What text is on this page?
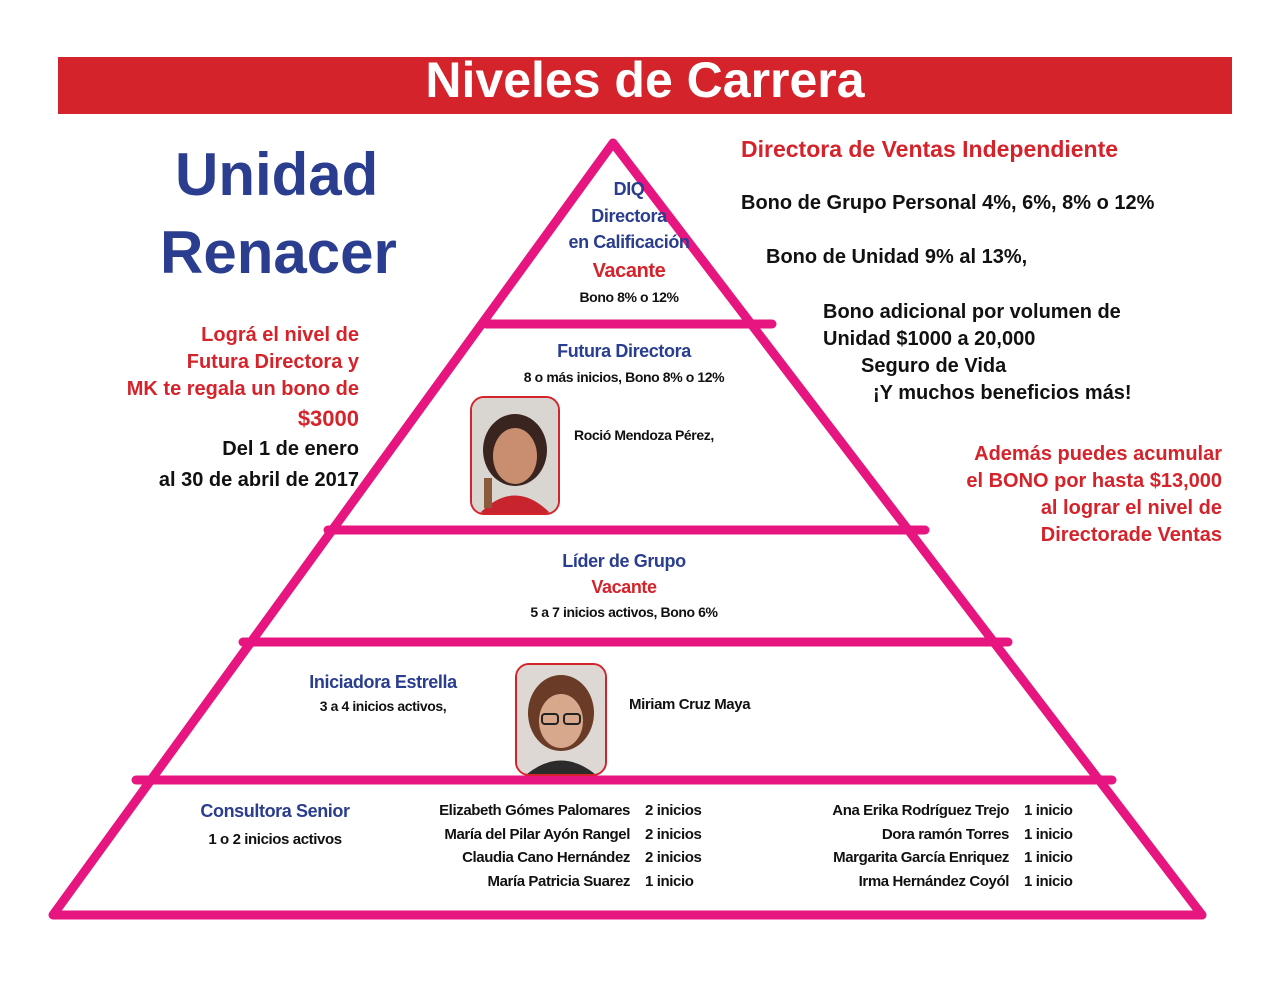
Niveles de Carrera
Unidad
Renacer
Lográ el nivel de
Futura Directora y
MK te regala un bono de
$3000
Del 1 de enero
al 30 de abril de 2017
Directora de Ventas Independiente
Bono de Grupo Personal 4%, 6%, 8% o 12%
Bono de Unidad 9% al 13%,
Bono adicional por volumen de
Unidad $1000 a 20,000
Seguro de Vida
¡Y muchos beneficios más!
Además puedes acumular
el BONO por hasta $13,000
al lograr el nivel de
Directorade Ventas
DIQ
Directora
en Calificación
Vacante
Bono 8% o 12%
Futura Directora
8 o más inicios, Bono 8% o 12%
Roció Mendoza Pérez,
Líder de Grupo
Vacante
5 a 7 inicios activos, Bono 6%
Iniciadora Estrella
3 a 4 inicios activos,	Miriam Cruz Maya
Consultora Senior
1 o 2 inicios activos
Elizabeth Gómes Palomares 2 inicios
María del Pilar Ayón Rangel 2 inicios
Claudia Cano Hernández 2 inicios
María Patricia Suarez 1 inicio
Ana Erika Rodríguez Trejo 1 inicio
Dora ramón Torres 1 inicio
Margarita García Enriquez 1 inicio
Irma Hernández Coyól 1 inicio
